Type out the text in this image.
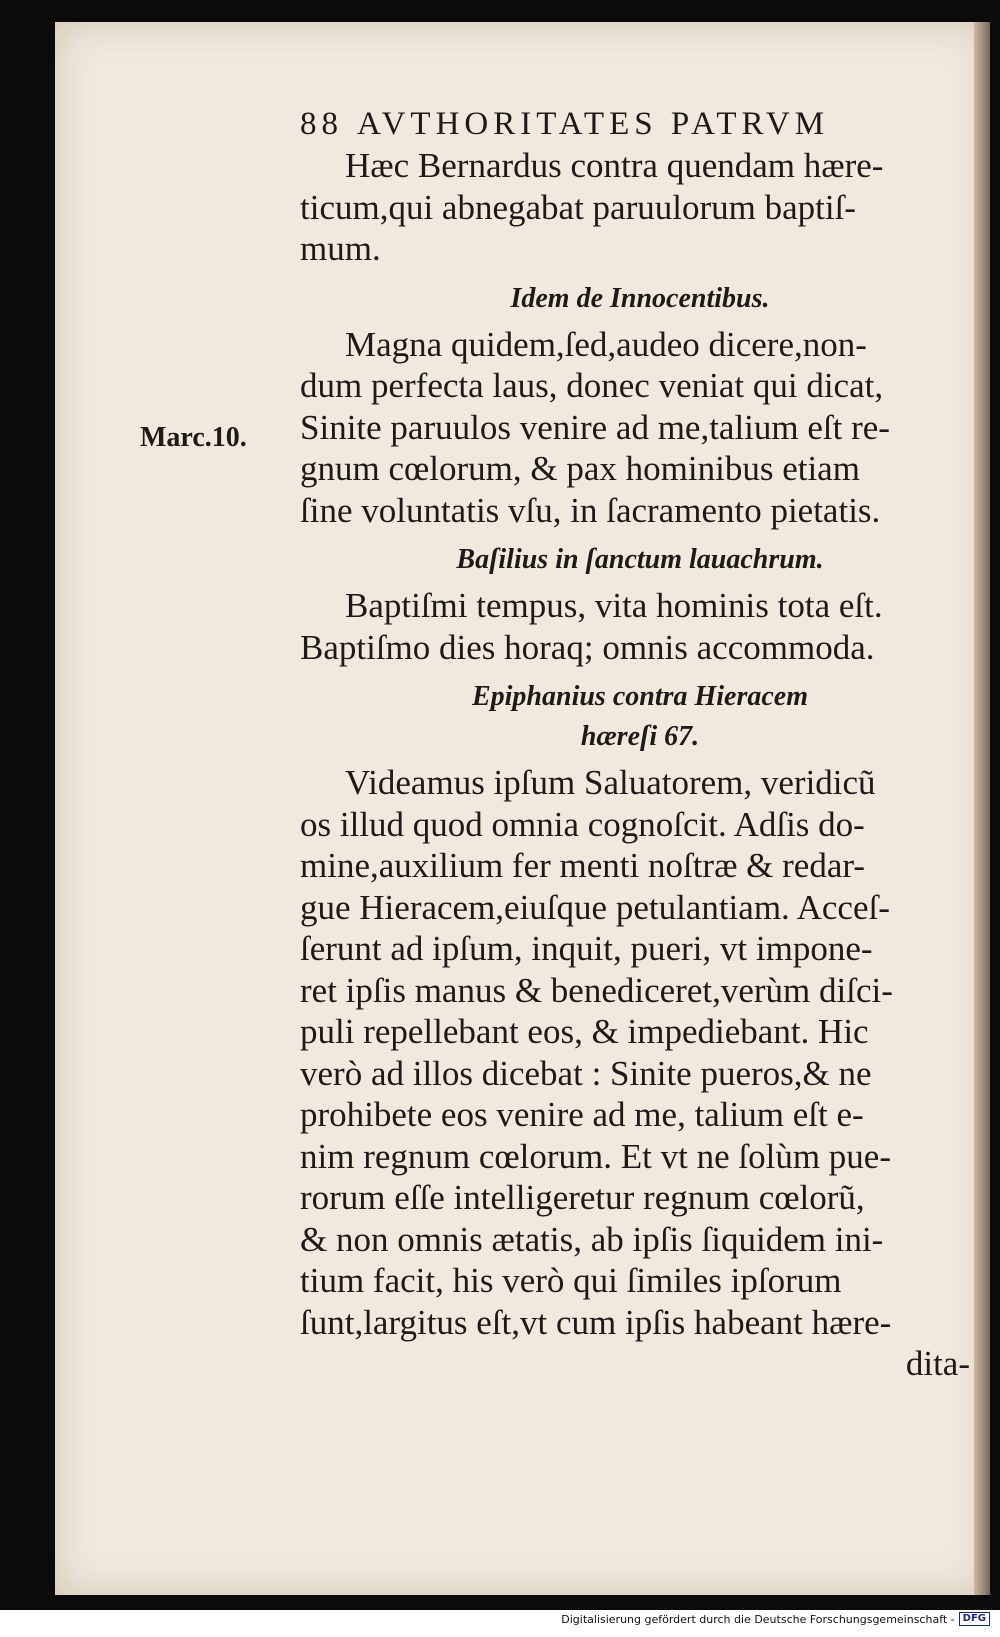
Marc.10.
88 AVTHORITATES PATRVM
Hæc Bernardus contra quendam hære-
ticum,qui abnegabat paruulorum baptiſ-
mum.
Idem de Innocentibus.
Magna quidem,ſed,audeo dicere,non-
dum perfecta laus, donec veniat qui dicat,
Sinite paruulos venire ad me,talium eſt re-
gnum cœlorum, & pax hominibus etiam
ſine voluntatis vſu, in ſacramento pietatis.
Baſilius in ſanctum lauachrum.
Baptiſmi tempus, vita hominis tota eſt.
Baptiſmo dies horaq; omnis accommoda.
Epiphanius contra Hieracem
hæreſi 67.
Videamus ipſum Saluatorem, veridicũ
os illud quod omnia cognoſcit. Adſis do-
mine,auxilium fer menti noſtræ & redar-
gue Hieracem,eiuſque petulantiam. Acceſ-
ſerunt ad ipſum, inquit, pueri, vt impone-
ret ipſis manus & benediceret,verùm diſci-
puli repellebant eos, & impediebant. Hic
verò ad illos dicebat : Sinite pueros,& ne
prohibete eos venire ad me, talium eſt e-
nim regnum cœlorum. Et vt ne ſolùm pue-
rorum eſſe intelligeretur regnum cœlorũ,
& non omnis ætatis, ab ipſis ſiquidem ini-
tium facit, his verò qui ſimiles ipſorum
ſunt,largitus eſt,vt cum ipſis habeant hære-
dita-
Digitalisierung gefördert durch die Deutsche Forschungsgemeinschaft - DFG
